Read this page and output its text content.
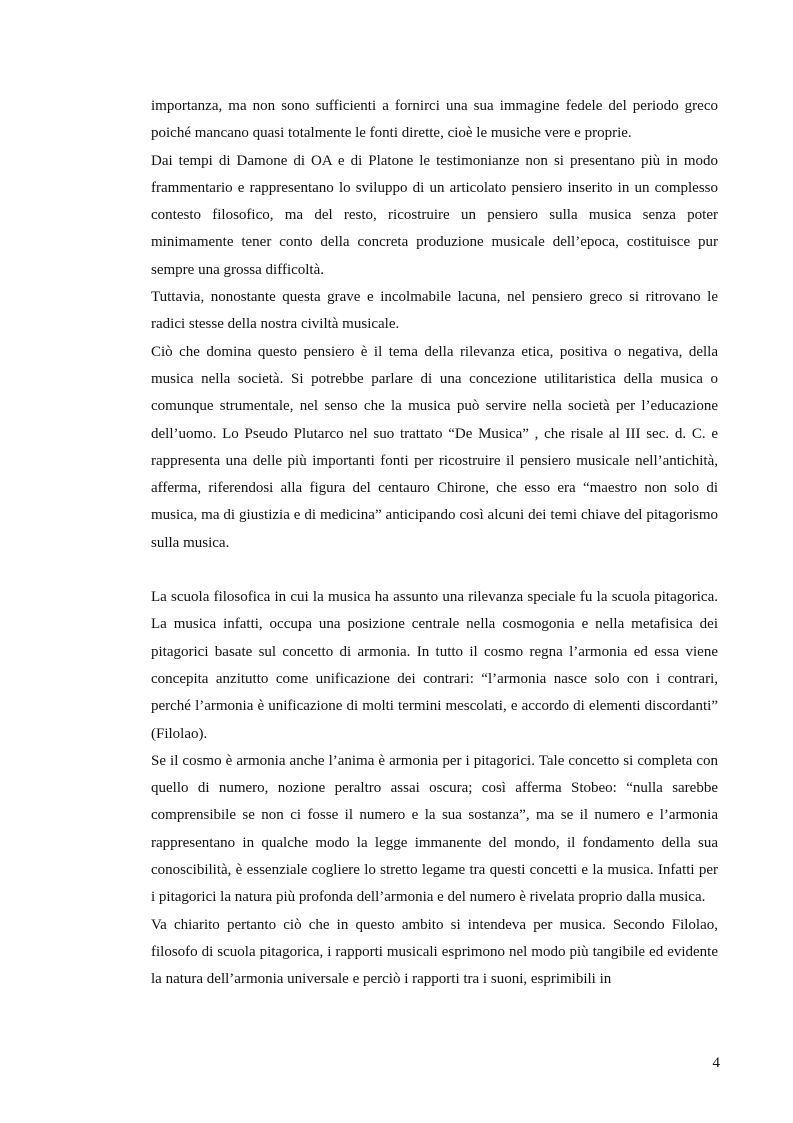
importanza, ma non sono sufficienti a fornirci una sua immagine fedele del periodo greco poiché mancano quasi totalmente le fonti dirette, cioè le musiche vere e proprie.

Dai tempi di Damone di OA e di Platone le testimonianze non si presentano più in modo frammentario e rappresentano lo sviluppo di un articolato pensiero inserito in un complesso contesto filosofico, ma del resto, ricostruire un pensiero sulla musica senza poter minimamente tener conto della concreta produzione musicale dell’epoca, costituisce pur sempre una grossa difficoltà.

Tuttavia, nonostante questa grave e incolmabile lacuna, nel pensiero greco si ritrovano le radici stesse della nostra civiltà musicale.

Ciò che domina questo pensiero è il tema della rilevanza etica, positiva o negativa, della musica nella società. Si potrebbe parlare di una concezione utilitaristica della musica o comunque strumentale, nel senso che la musica può servire nella società per l’educazione dell’uomo. Lo Pseudo Plutarco nel suo trattato “De Musica” , che risale al III sec. d. C. e rappresenta una delle più importanti fonti per ricostruire il pensiero musicale nell’antichità, afferma, riferendosi alla figura del centauro Chirone, che esso era “maestro non solo di musica, ma di giustizia e di medicina” anticipando così alcuni dei temi chiave del pitagorismo sulla musica.

La scuola filosofica in cui la musica ha assunto una rilevanza speciale fu la scuola pitagorica. La musica infatti, occupa una posizione centrale nella cosmogonia e nella metafisica dei pitagorici basate sul concetto di armonia. In tutto il cosmo regna l’armonia ed essa viene concepita anzitutto come unificazione dei contrari: “l’armonia nasce solo con i contrari, perché l’armonia è unificazione di molti termini mescolati, e accordo di elementi discordanti” (Filolao).

Se il cosmo è armonia anche l’anima è armonia per i pitagorici. Tale concetto si completa con quello di numero, nozione peraltro assai oscura; così afferma Stobeo: “nulla sarebbe comprensibile se non ci fosse il numero e la sua sostanza”, ma se il numero e l’armonia rappresentano in qualche modo la legge immanente del mondo, il fondamento della sua conoscibilità, è essenziale cogliere lo stretto legame tra questi concetti e la musica. Infatti per i pitagorici la natura più profonda dell’armonia e del numero è rivelata proprio dalla musica.

Va chiarito pertanto ciò che in questo ambito si intendeva per musica. Secondo Filolao, filosofo di scuola pitagorica, i rapporti musicali esprimono nel modo più tangibile ed evidente la natura dell’armonia universale e perciò i rapporti tra i suoni, esprimibili in

4
